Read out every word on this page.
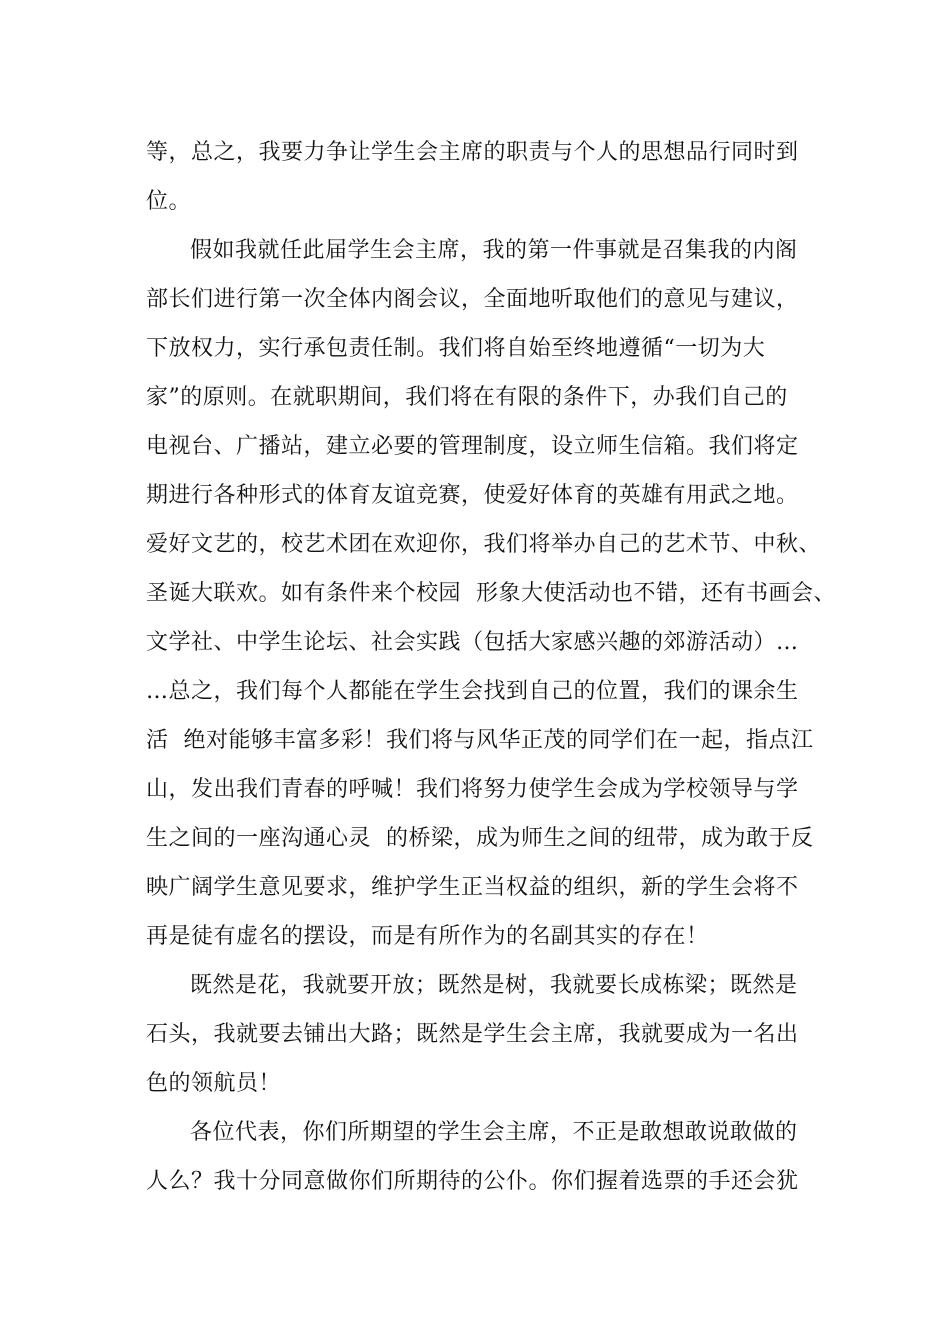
等，总之，我要力争让学生会主席的职责与个人的思想品行同时到
位。
假如我就任此届学生会主席，我的第一件事就是召集我的内阁
部长们进行第一次全体内阁会议，全面地听取他们的意见与建议，
下放权力，实行承包责任制。我们将自始至终地遵循“一切为大
家”的原则。在就职期间，我们将在有限的条件下，办我们自己的
电视台、广播站，建立必要的管理制度，设立师生信箱。我们将定
期进行各种形式的体育友谊竞赛，使爱好体育的英雄有用武之地。
爱好文艺的，校艺术团在欢迎你，我们将举办自己的艺术节、中秋、
圣诞大联欢。如有条件来个校园  形象大使活动也不错，还有书画会、
文学社、中学生论坛、社会实践（包括大家感兴趣的郊游活动）…
…总之，我们每个人都能在学生会找到自己的位置，我们的课余生
活  绝对能够丰富多彩！我们将与风华正茂的同学们在一起，指点江
山，发出我们青春的呼喊！我们将努力使学生会成为学校领导与学
生之间的一座沟通心灵  的桥梁，成为师生之间的纽带，成为敢于反
映广阔学生意见要求，维护学生正当权益的组织，新的学生会将不
再是徒有虚名的摆设，而是有所作为的名副其实的存在！
既然是花，我就要开放；既然是树，我就要长成栋梁；既然是
石头，我就要去铺出大路；既然是学生会主席，我就要成为一名出
色的领航员！
各位代表，你们所期望的学生会主席，不正是敢想敢说敢做的
人么？我十分同意做你们所期待的公仆。你们握着选票的手还会犹
